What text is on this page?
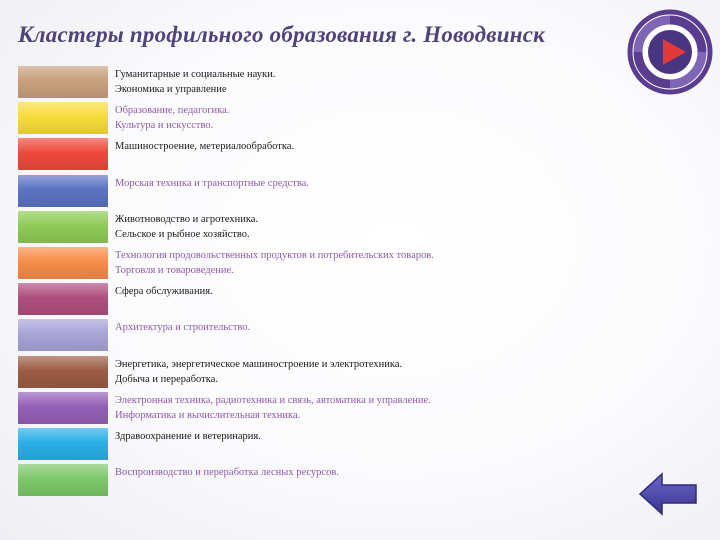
Кластеры профильного образования г. Новодвинск
Гуманитарные и социальные науки.
Экономика и управление
Образование, педагогика.
Культура и искусство.
Машиностроение, метериалообработка.
Морская техника и транспортные средства.
Животноводство и агротехника.
Сельское и рыбное хозяйство.
Технология продовольственных продуктов и потребительских товаров.
Торговля и товароведение.
Сфера обслуживания.
Архитектура и строительство.
Энергетика, энергетическое машиностроение и электротехника.
Добыча и переработка.
Электронная техника, радиотехника и связь, автоматика и управление.
Информатика и вычислительная техника.
Здравоохранение и ветеринария.
Воспроизводство и переработка лесных ресурсов.
